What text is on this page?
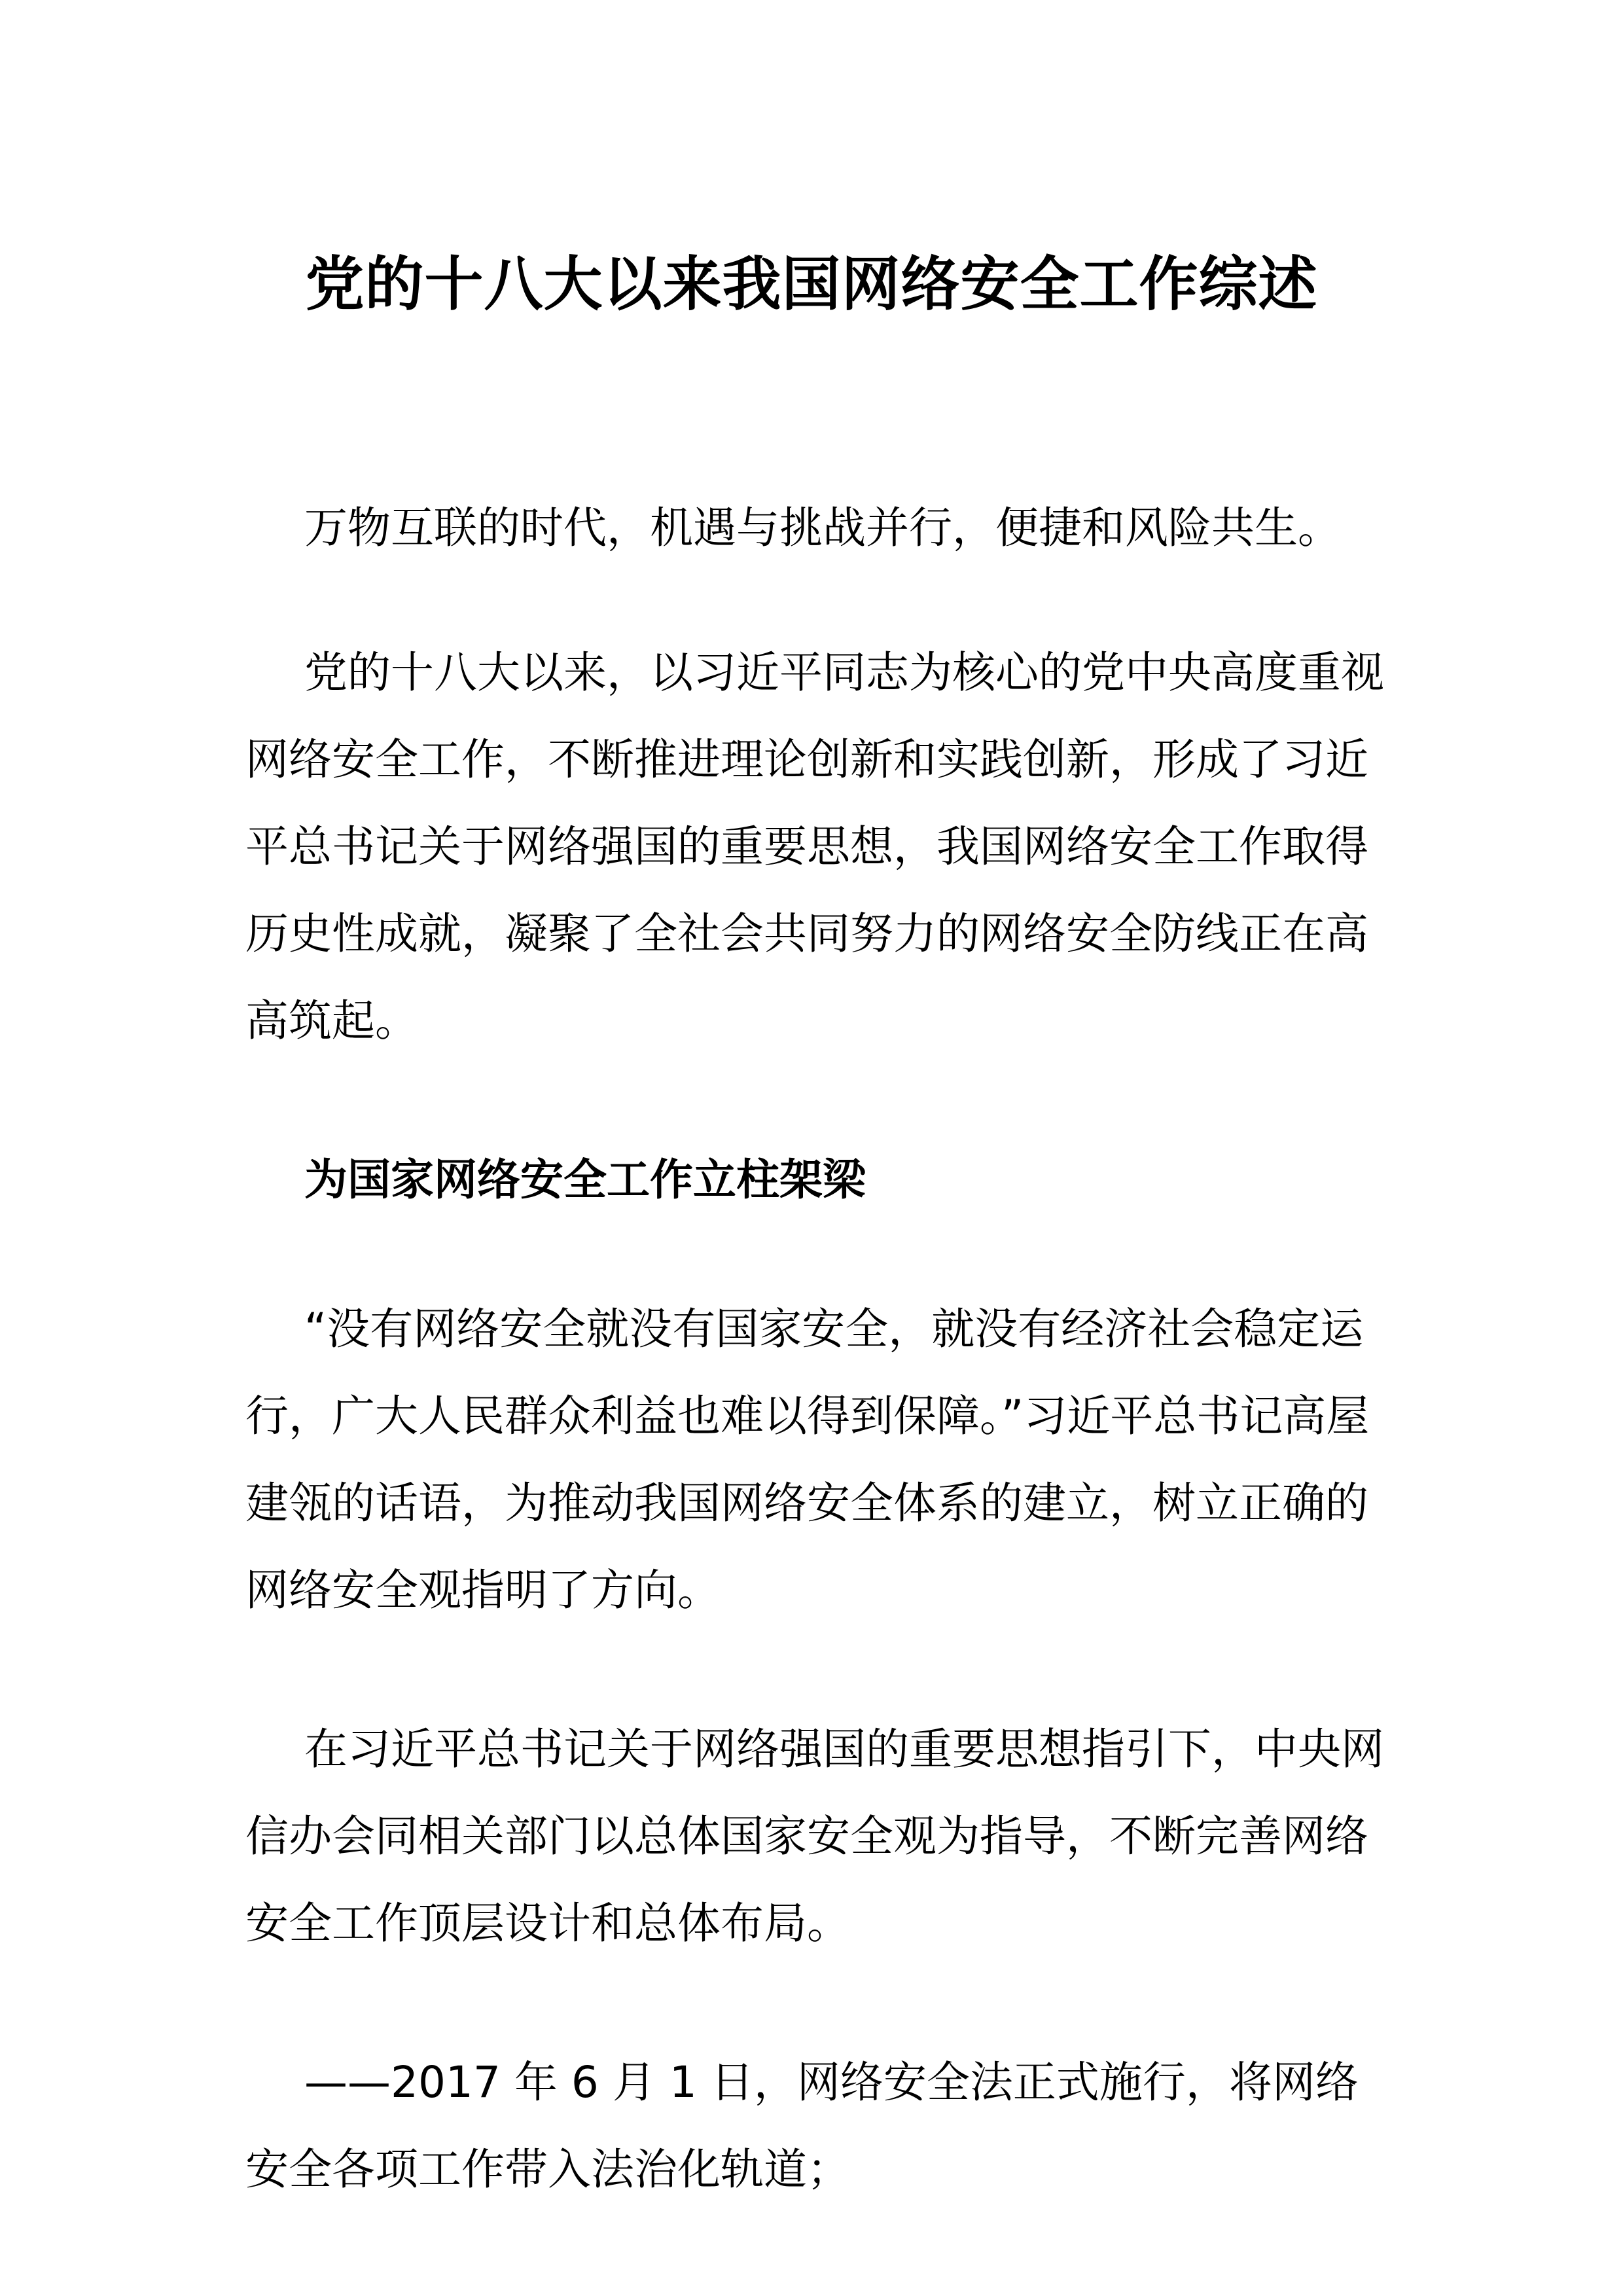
党的十八大以来我国网络安全工作综述

万物互联的时代，机遇与挑战并行，便捷和风险共生。

党的十八大以来，以习近平同志为核心的党中央高度重视网络安全工作，不断推进理论创新和实践创新，形成了习近平总书记关于网络强国的重要思想，我国网络安全工作取得历史性成就，凝聚了全社会共同努力的网络安全防线正在高高筑起。

为国家网络安全工作立柱架梁

“没有网络安全就没有国家安全，就没有经济社会稳定运行，广大人民群众利益也难以得到保障。”习近平总书记高屋建瓴的话语，为推动我国网络安全体系的建立，树立正确的网络安全观指明了方向。

在习近平总书记关于网络强国的重要思想指引下，中央网信办会同相关部门以总体国家安全观为指导，不断完善网络安全工作顶层设计和总体布局。

——2017 年 6 月 1 日，网络安全法正式施行，将网络安全各项工作带入法治化轨道；
